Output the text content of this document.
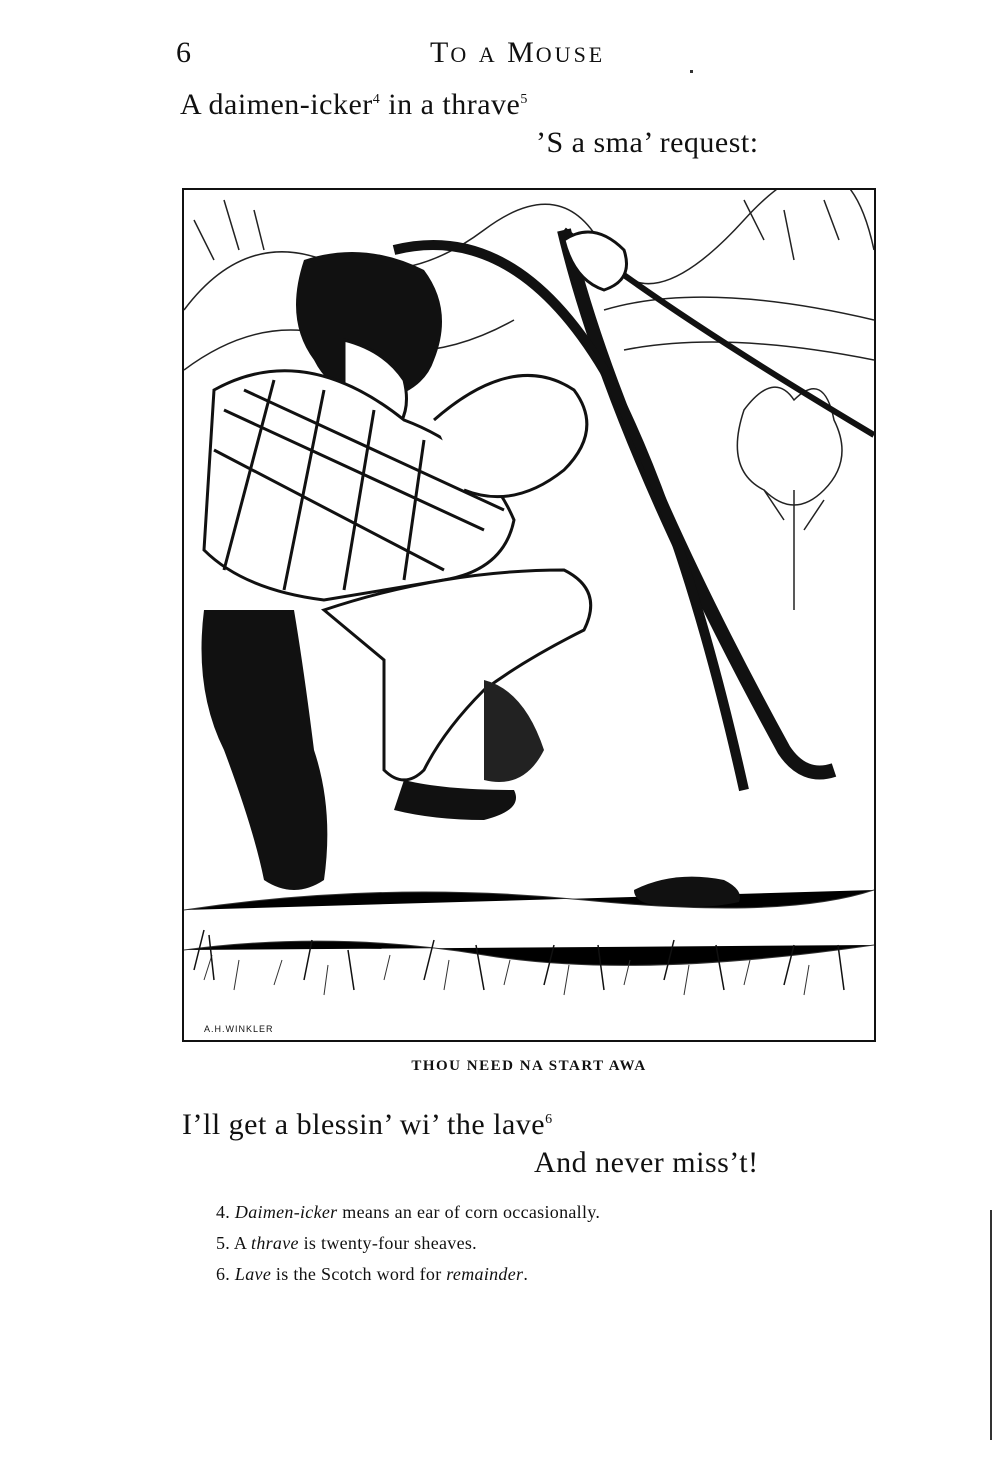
6	TO A MOUSE
A daimen-icker$^4$ in a thrave$^5$
’S a sma’ request:
A.H.WINKLER
THOU NEED NA START AWA
I’ll get a blessin’ wi’ the lave$^6$
And never miss’t!
4. Daimen-icker means an ear of corn occasionally.
5. A thrave is twenty-four sheaves.
6. Lave is the Scotch word for remainder.
